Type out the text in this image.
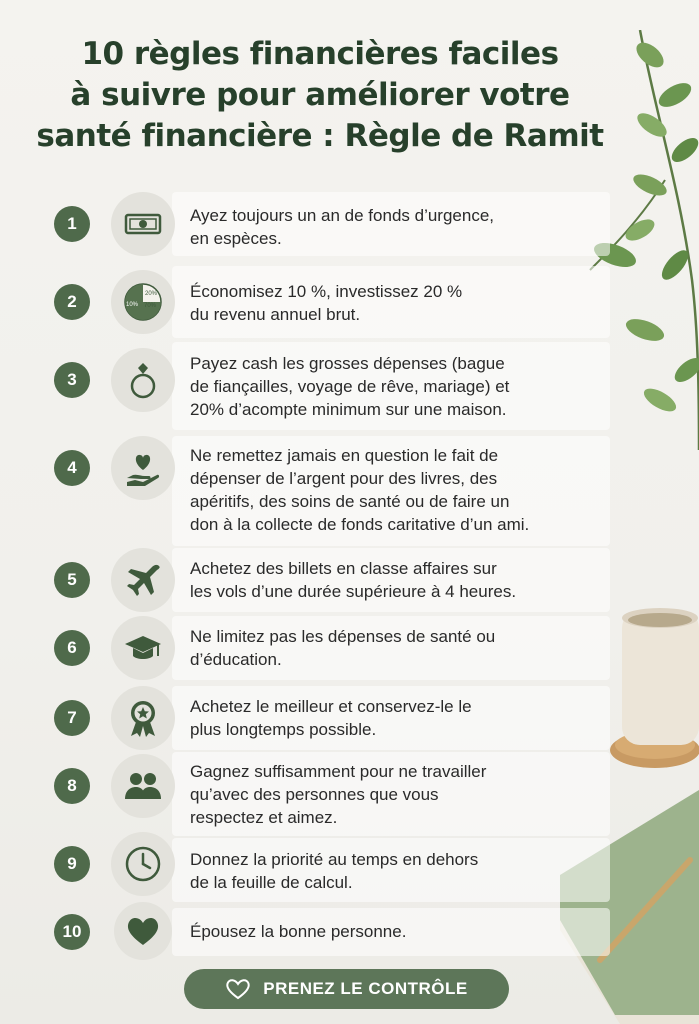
10 règles financières faciles
à suivre pour améliorer votre
santé financière : Règle de Ramit
1	Ayez toujours un an de fonds d’urgence,
en espèces.
2	10%
20%
70%
Économisez 10 %, investissez 20 %
du revenu annuel brut.
3
Payez cash les grosses dépenses (bague
de fiançailles, voyage de rêve, mariage) et
20% d’acompte minimum sur une maison.
4
Ne remettez jamais en question le fait de
dépenser de l’argent pour des livres, des
apéritifs, des soins de santé ou de faire un
don à la collecte de fonds caritative d’un ami.
5
Achetez des billets en classe affaires sur
les vols d’une durée supérieure à 4 heures.
6
Ne limitez pas les dépenses de santé ou
d’éducation.
7
Achetez le meilleur et conservez-le le
plus longtemps possible.
8
Gagnez suffisamment pour ne travailler
qu’avec des personnes que vous
respectez et aimez.
9	Donnez la priorité au temps en dehors
de la feuille de calcul.
10	Épousez la bonne personne.
PRENEZ LE CONTRÔLE
